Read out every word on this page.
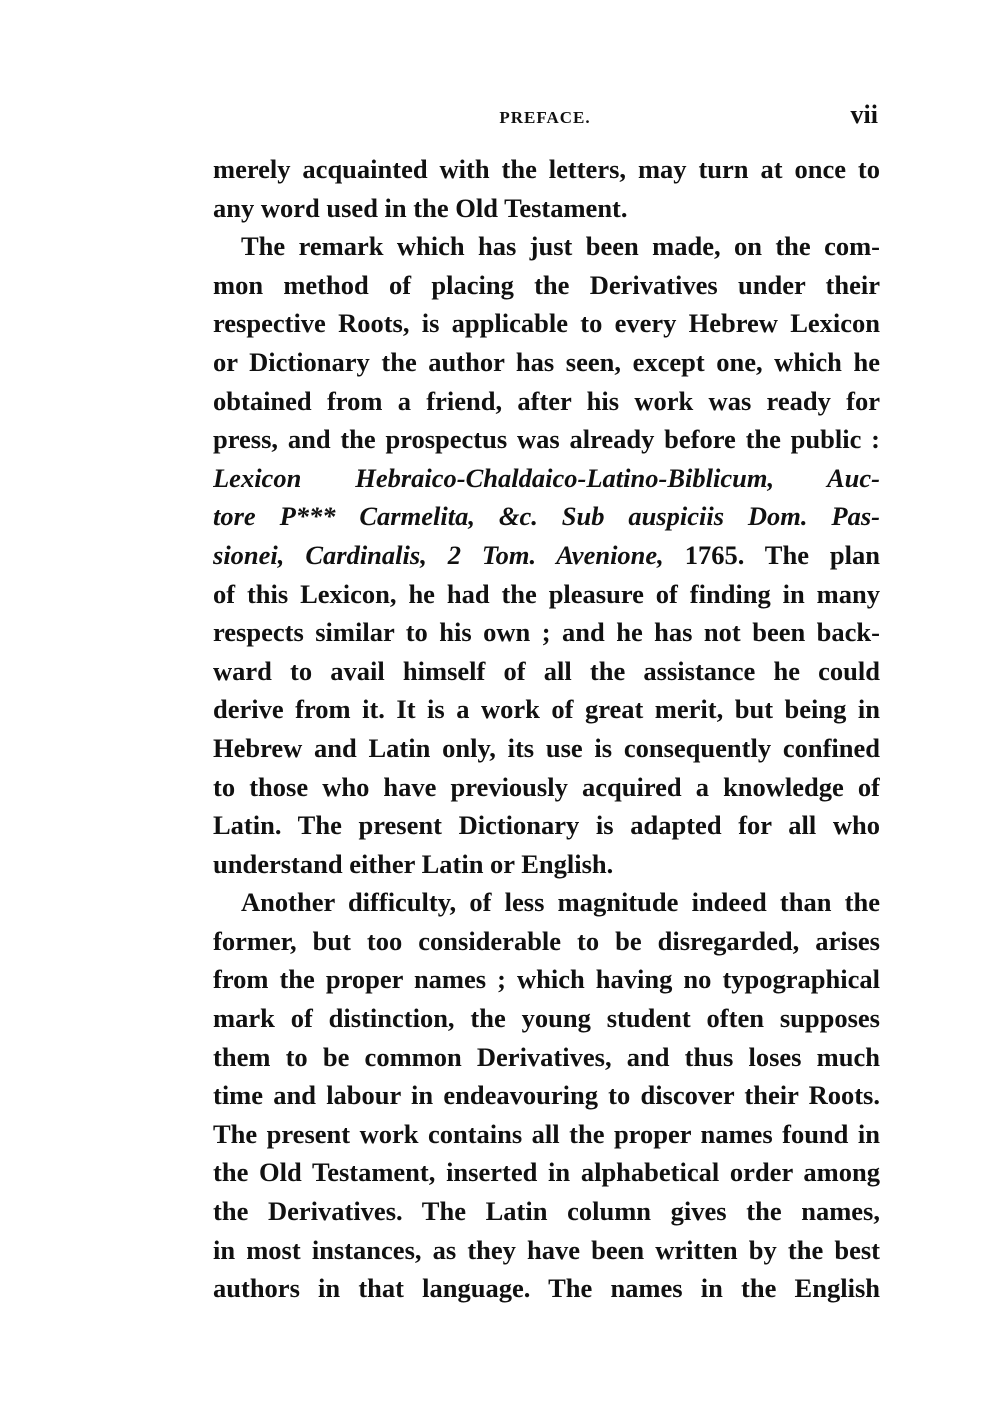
PREFACE.	vii
merely acquainted with the letters, may turn at once to
any word used in the Old Testament.
The remark which has just been made, on the com-
mon method of placing the Derivatives under their
respective Roots, is applicable to every Hebrew Lexicon
or Dictionary the author has seen, except one, which he
obtained from a friend, after his work was ready for
press, and the prospectus was already before the public :
Lexicon Hebraico-Chaldaico-Latino-Biblicum, Auc-
tore P*** Carmelita, &c. Sub auspiciis Dom. Pas-
sionei, Cardinalis, 2 Tom. Avenione, 1765. The plan
of this Lexicon, he had the pleasure of finding in many
respects similar to his own ; and he has not been back-
ward to avail himself of all the assistance he could
derive from it. It is a work of great merit, but being in
Hebrew and Latin only, its use is consequently confined
to those who have previously acquired a knowledge of
Latin. The present Dictionary is adapted for all who
understand either Latin or English.
Another difficulty, of less magnitude indeed than the
former, but too considerable to be disregarded, arises
from the proper names ; which having no typographical
mark of distinction, the young student often supposes
them to be common Derivatives, and thus loses much
time and labour in endeavouring to discover their Roots.
The present work contains all the proper names found in
the Old Testament, inserted in alphabetical order among
the Derivatives. The Latin column gives the names,
in most instances, as they have been written by the best
authors in that language. The names in the English
